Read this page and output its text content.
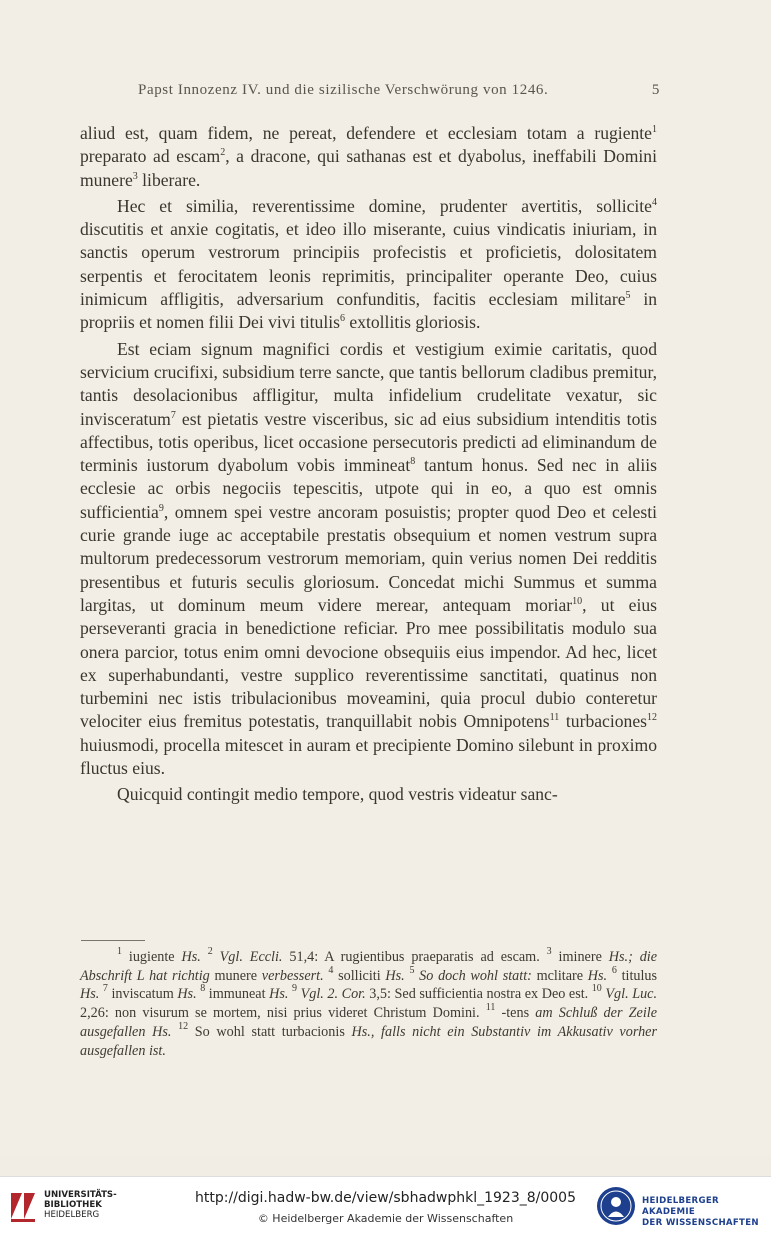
Papst Innozenz IV. und die sizilische Verschwörung von 1246.	5

aliud est, quam fidem, ne pereat, defendere et ecclesiam totam a rugiente$^1$ preparato ad escam$^2$, a dracone, qui sathanas est et dyabolus, ineffabili Domini munere$^3$ liberare.

Hec et similia, reverentissime domine, prudenter avertitis, sollicite$^4$ discutitis et anxie cogitatis, et ideo illo miserante, cuius vindicatis iniuriam, in sanctis operum vestrorum principiis profecistis et proficietis, dolositatem serpentis et ferocitatem leonis reprimitis, principaliter operante Deo, cuius inimicum affligitis, adversarium confunditis, facitis ecclesiam militare$^5$ in propriis et nomen filii Dei vivi titulis$^6$ extollitis gloriosis.

Est eciam signum magnifici cordis et vestigium eximie caritatis, quod servicium crucifixi, subsidium terre sancte, que tantis bellorum cladibus premitur, tantis desolacionibus affligitur, multa infidelium crudelitate vexatur, sic invisceratum$^7$ est pietatis vestre visceribus, sic ad eius subsidium intenditis totis affectibus, totis operibus, licet occasione persecutoris predicti ad eliminandum de terminis iustorum dyabolum vobis immineat$^8$ tantum honus. Sed nec in aliis ecclesie ac orbis negociis tepescitis, utpote qui in eo, a quo est omnis sufficientia$^9$, omnem spei vestre ancoram posuistis; propter quod Deo et celesti curie grande iuge ac acceptabile prestatis obsequium et nomen vestrum supra multorum predecessorum vestrorum memoriam, quin verius nomen Dei redditis presentibus et futuris seculis gloriosum. Concedat michi Summus et summa largitas, ut dominum meum videre merear, antequam moriar$^{10}$, ut eius perseveranti gracia in benedictione reficiar. Pro mee possibilitatis modulo sua onera parcior, totus enim omni devocione obsequiis eius impendor. Ad hec, licet ex superhabundanti, vestre supplico reverentissime sanctitati, quatinus non turbemini nec istis tribulacionibus moveamini, quia procul dubio conteretur velociter eius fremitus potestatis, tranquillabit nobis Omnipotens$^{11}$ turbaciones$^{12}$ huiusmodi, procella mitescet in auram et precipiente Domino silebunt in proximo fluctus eius.

Quicquid contingit medio tempore, quod vestris videatur sanc-

$^1$ iugiente Hs. $^2$ Vgl. Eccli. 51,4: A rugientibus praeparatis ad escam. $^3$ iminere Hs.; die Abschrift L hat richtig munere verbessert. $^4$ solliciti Hs. $^5$ So doch wohl statt: mclitare Hs. $^6$ titulus Hs. $^7$ inviscatum Hs. $^8$ immuneat Hs. $^9$ Vgl. 2. Cor. 3,5: Sed sufficientia nostra ex Deo est. $^{10}$ Vgl. Luc. 2,26: non visurum se mortem, nisi prius videret Christum Domini. $^{11}$ -tens am Schluß der Zeile ausgefallen Hs. $^{12}$ So wohl statt turbacionis Hs., falls nicht ein Substantiv im Akkusativ vorher ausgefallen ist.

UNIVERSITÄTS-
BIBLIOTHEK
HEIDELBERG
http://digi.hadw-bw.de/view/sbhadwphkl_1923_8/0005
© Heidelberger Akademie der Wissenschaften
HEIDELBERGER AKADEMIE
DER WISSENSCHAFTEN
